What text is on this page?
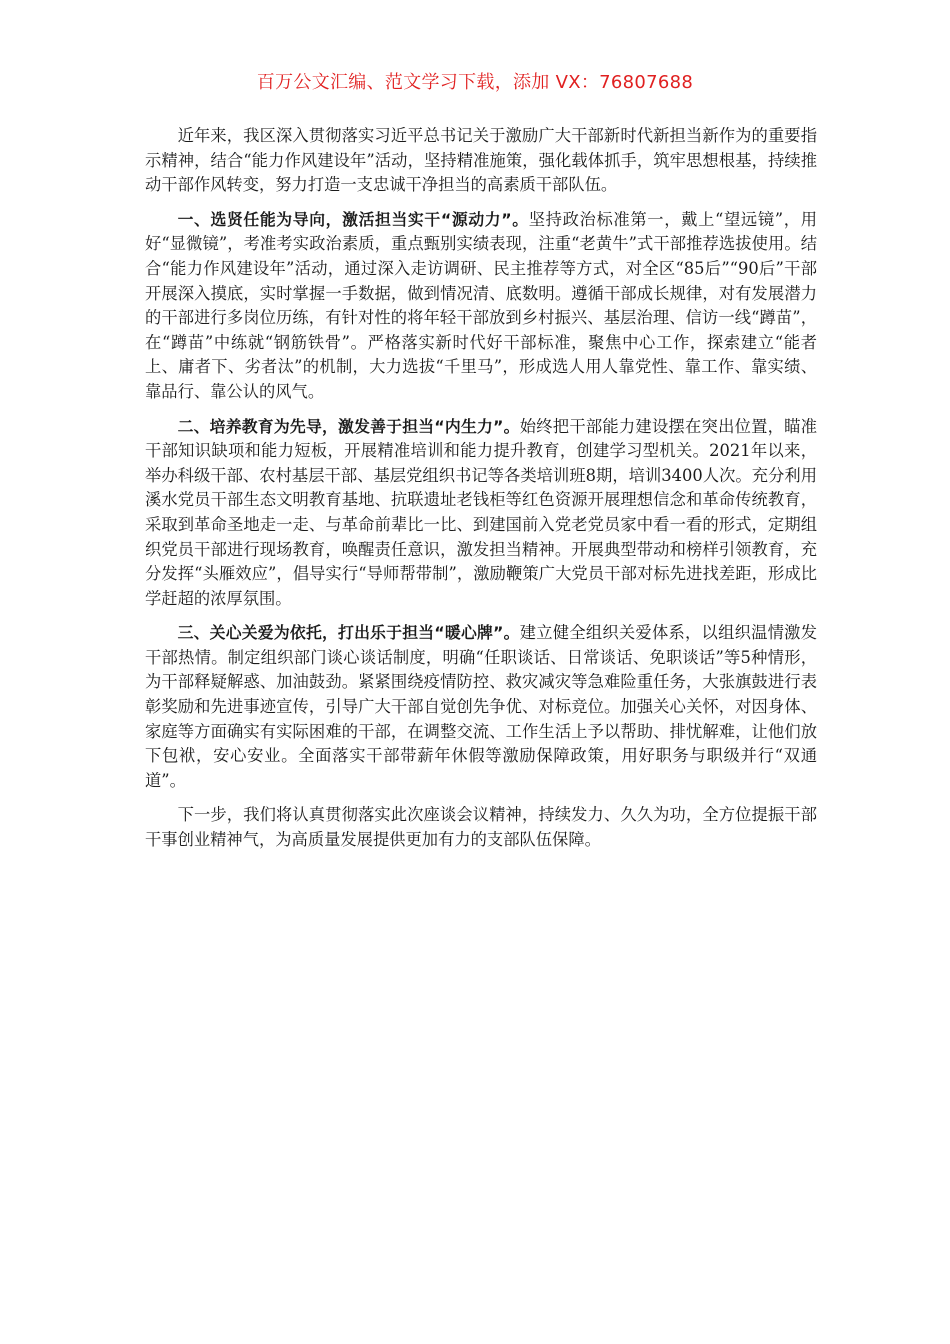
百万公文汇编、范文学习下载，添加 VX：76807688

近年来，我区深入贯彻落实习近平总书记关于激励广大干部新时代新担当新作为的重要指示精神，结合“能力作风建设年”活动，坚持精准施策，强化载体抓手，筑牢思想根基，持续推动干部作风转变，努力打造一支忠诚干净担当的高素质干部队伍。

一、选贤任能为导向，激活担当实干“源动力”。坚持政治标准第一，戴上“望远镜”，用好“显微镜”，考准考实政治素质，重点甄别实绩表现，注重“老黄牛”式干部推荐选拔使用。结合“能力作风建设年”活动，通过深入走访调研、民主推荐等方式，对全区“85后”“90后”干部开展深入摸底，实时掌握一手数据，做到情况清、底数明。遵循干部成长规律，对有发展潜力的干部进行多岗位历练，有针对性的将年轻干部放到乡村振兴、基层治理、信访一线“蹲苗”，在“蹲苗”中练就“钢筋铁骨”。严格落实新时代好干部标准，聚焦中心工作，探索建立“能者上、庸者下、劣者汰”的机制，大力选拔“千里马”，形成选人用人靠党性、靠工作、靠实绩、靠品行、靠公认的风气。

二、培养教育为先导，激发善于担当“内生力”。始终把干部能力建设摆在突出位置，瞄准干部知识缺项和能力短板，开展精准培训和能力提升教育，创建学习型机关。2021年以来，举办科级干部、农村基层干部、基层党组织书记等各类培训班8期，培训3400人次。充分利用溪水党员干部生态文明教育基地、抗联遗址老钱柜等红色资源开展理想信念和革命传统教育，采取到革命圣地走一走、与革命前辈比一比、到建国前入党老党员家中看一看的形式，定期组织党员干部进行现场教育，唤醒责任意识，激发担当精神。开展典型带动和榜样引领教育，充分发挥“头雁效应”，倡导实行“导师帮带制”，激励鞭策广大党员干部对标先进找差距，形成比学赶超的浓厚氛围。

三、关心关爱为依托，打出乐于担当“暖心牌”。建立健全组织关爱体系，以组织温情激发干部热情。制定组织部门谈心谈话制度，明确“任职谈话、日常谈话、免职谈话”等5种情形，为干部释疑解惑、加油鼓劲。紧紧围绕疫情防控、救灾减灾等急难险重任务，大张旗鼓进行表彰奖励和先进事迹宣传，引导广大干部自觉创先争优、对标竞位。加强关心关怀，对因身体、家庭等方面确实有实际困难的干部，在调整交流、工作生活上予以帮助、排忧解难，让他们放下包袱，安心安业。全面落实干部带薪年休假等激励保障政策，用好职务与职级并行“双通道”。

下一步，我们将认真贯彻落实此次座谈会议精神，持续发力、久久为功，全方位提振干部干事创业精神气，为高质量发展提供更加有力的支部队伍保障。
